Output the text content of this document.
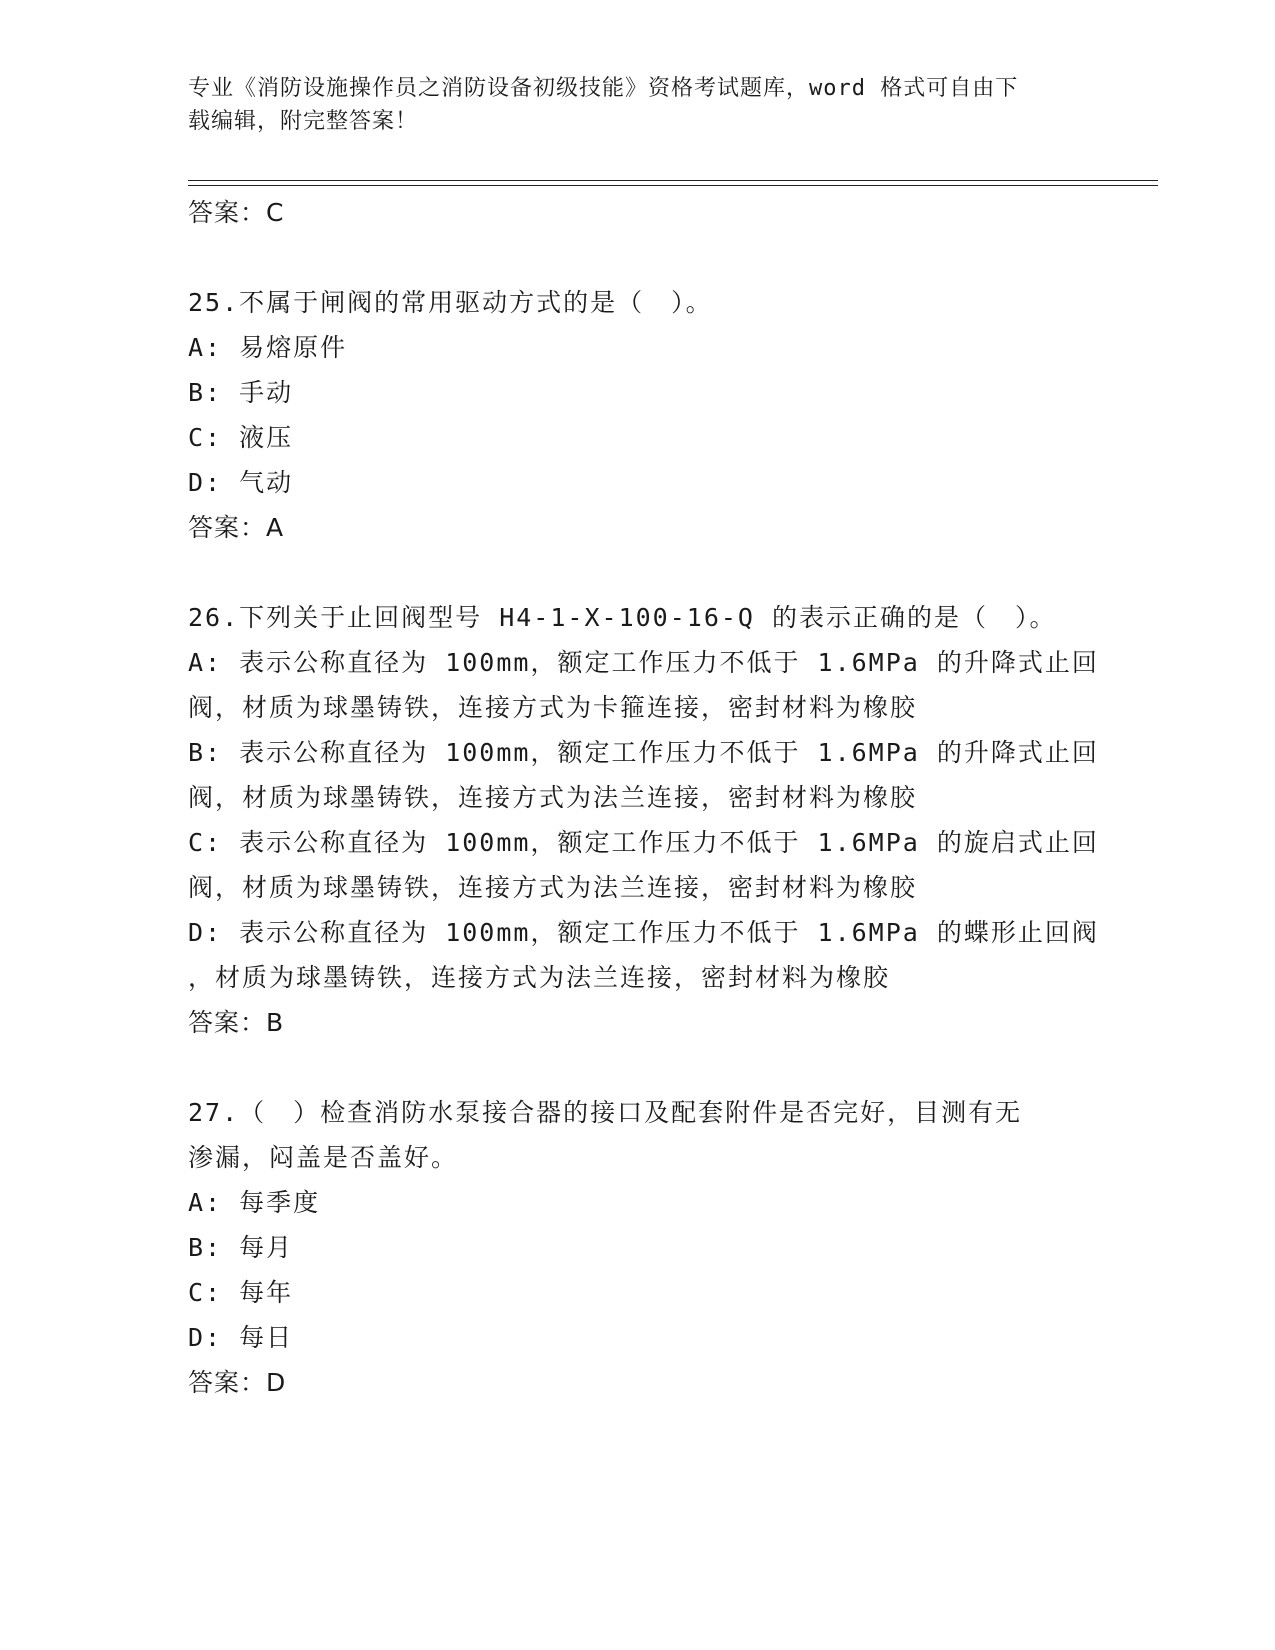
专业《消防设施操作员之消防设备初级技能》资格考试题库，word 格式可自由下
载编辑，附完整答案！
答案：C
25.不属于闸阀的常用驱动方式的是（　）。
A: 易熔原件
B: 手动
C: 液压
D: 气动
答案：A
26.下列关于止回阀型号 H4-1-X-100-16-Q 的表示正确的是（　）。
A: 表示公称直径为 100mm，额定工作压力不低于 1.6MPa 的升降式止回
阀，材质为球墨铸铁，连接方式为卡箍连接，密封材料为橡胶
B: 表示公称直径为 100mm，额定工作压力不低于 1.6MPa 的升降式止回
阀，材质为球墨铸铁，连接方式为法兰连接，密封材料为橡胶
C: 表示公称直径为 100mm，额定工作压力不低于 1.6MPa 的旋启式止回
阀，材质为球墨铸铁，连接方式为法兰连接，密封材料为橡胶
D: 表示公称直径为 100mm，额定工作压力不低于 1.6MPa 的蝶形止回阀
，材质为球墨铸铁，连接方式为法兰连接，密封材料为橡胶
答案：B
27.（　）检查消防水泵接合器的接口及配套附件是否完好，目测有无
渗漏，闷盖是否盖好。
A: 每季度
B: 每月
C: 每年
D: 每日
答案：D
